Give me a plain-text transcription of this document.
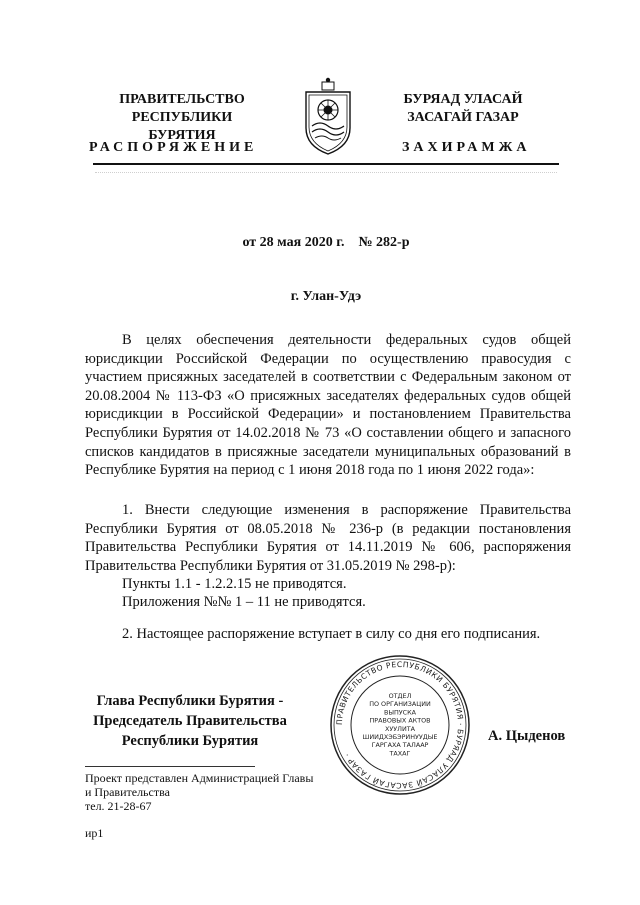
ПРАВИТЕЛЬСТВО
РЕСПУБЛИКИ БУРЯТИЯ
БУРЯАД УЛАСАЙ
ЗАСАГАЙ ГАЗАР
РАСПОРЯЖЕНИЕ	ЗАХИРАМЖА
от 28 мая 2020 г.    № 282-р
г. Улан-Удэ

В целях обеспечения деятельности федеральных судов общей юрисдикции Российской Федерации по осуществлению правосудия с участием присяжных заседателей в соответствии с Федеральным законом от 20.08.2004 № 113-ФЗ «О присяжных заседателях федеральных судов общей юрисдикции в Российской Федерации» и постановлением Правительства Республики Бурятия от 14.02.2018 № 73 «О составлении общего и запасного списков кандидатов в присяжные заседатели муниципальных образований в Республике Бурятия на период с 1 июня 2018 года по 1 июня 2022 года»:

1. Внести следующие изменения в распоряжение Правительства Республики Бурятия от 08.05.2018 № 236-р (в редакции постановления Правительства Республики Бурятия от 14.11.2019 № 606, распоряжения Правительства Республики Бурятия от 31.05.2019 № 298-р):

Пункты 1.1 - 1.2.2.15 не приводятся.

Приложения №№ 1 – 11 не приводятся.

2. Настоящее распоряжение вступает в силу со дня его подписания.

Глава Республики Бурятия -
Председатель Правительства
Республики Бурятия
ПРАВИТЕЛЬСТВО РЕСПУБЛИКИ БУРЯТИЯ · БУРЯАД УЛАСАЙ ЗАСАГАЙ ГАЗАР ·
ОТДЕЛ
ПО ОРГАНИЗАЦИИ
ВЫПУСКА
ПРАВОВЫХ АКТОВ
ХУУЛИТА
ШИИДХЭБЭРИНУУДЫЕ
ГАРГАХА ТАЛААР
ТАХАГ
А. Цыденов
Проект представлен Администрацией Главы
и Правительства
тел. 21-28-67
ир1
